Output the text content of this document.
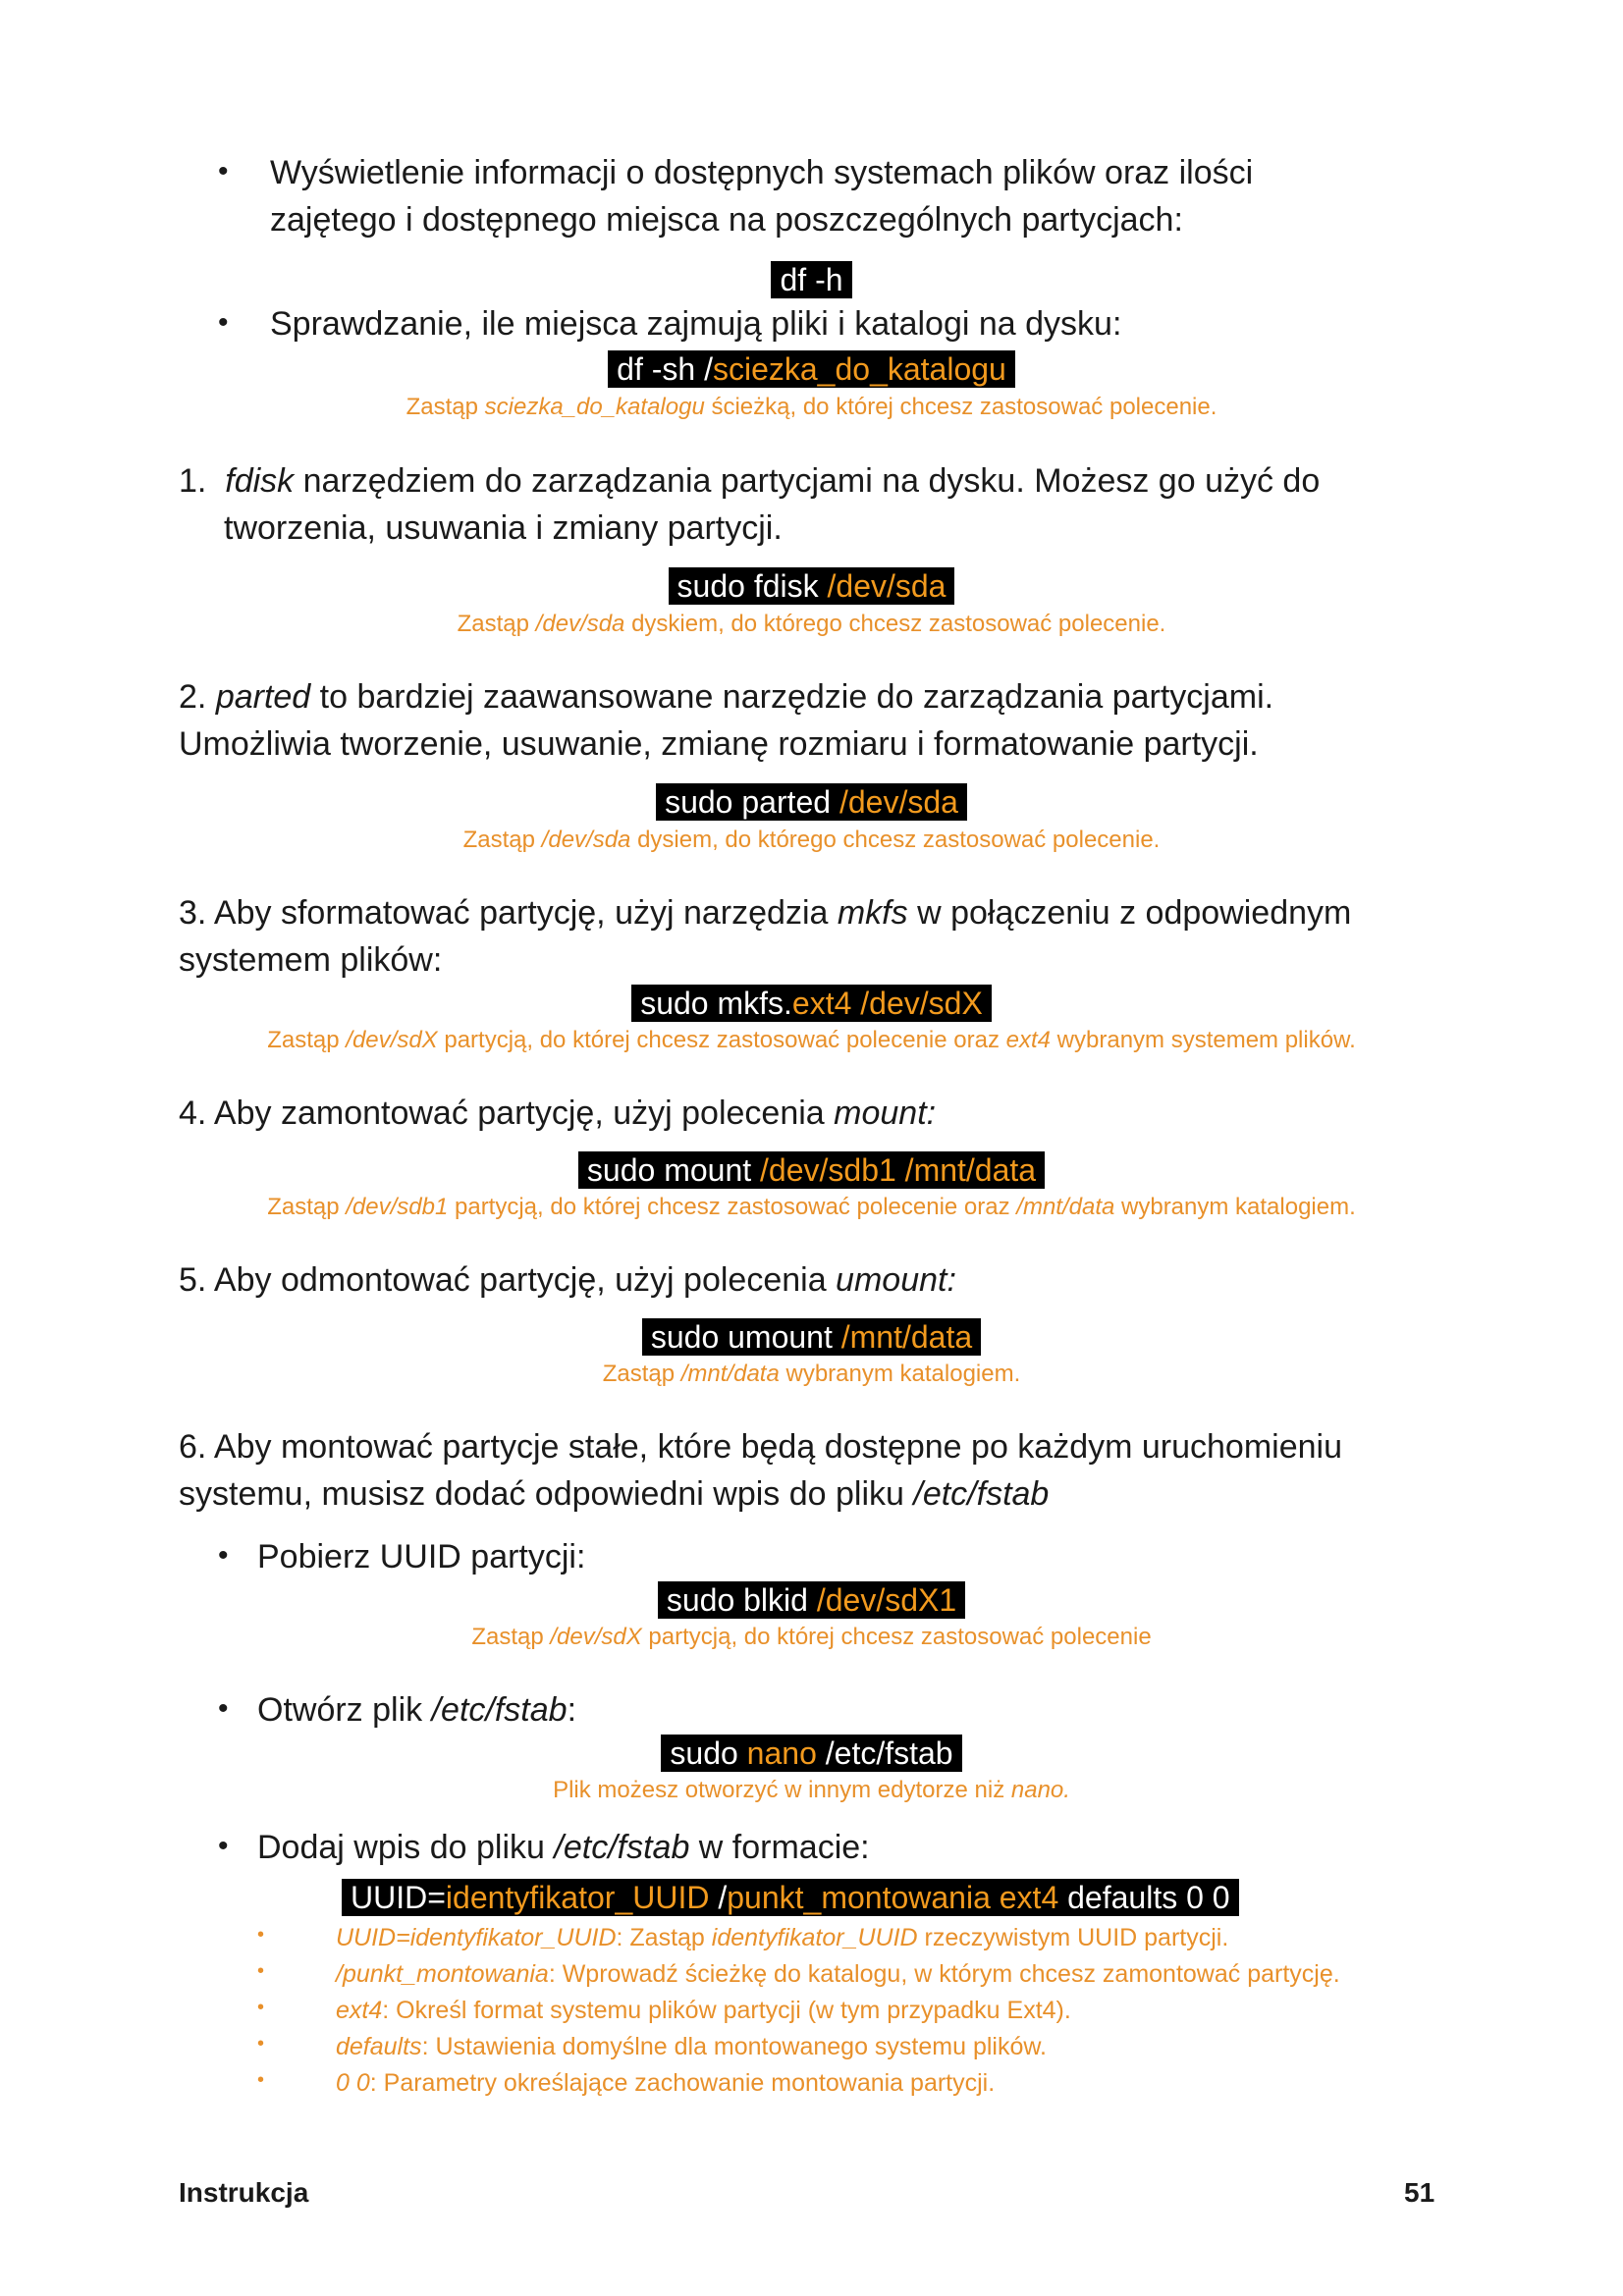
• Wyświetlenie informacji o dostępnych systemach plików oraz ilości
zajętego i dostępnego miejsca na poszczególnych partycjach:
df -h
• Sprawdzanie, ile miejsca zajmują pliki i katalogi na dysku:
df -sh /sciezka_do_katalogu
Zastąp sciezka_do_katalogu ścieżką, do której chcesz zastosować polecenie.
1. fdisk narzędziem do zarządzania partycjami na dysku. Możesz go użyć do
tworzenia, usuwania i zmiany partycji.
sudo fdisk /dev/sda
Zastąp /dev/sda dyskiem, do którego chcesz zastosować polecenie.
2. parted to bardziej zaawansowane narzędzie do zarządzania partycjami.
Umożliwia tworzenie, usuwanie, zmianę rozmiaru i formatowanie partycji.
sudo parted /dev/sda
Zastąp /dev/sda dysiem, do którego chcesz zastosować polecenie.
3. Aby sformatować partycję, użyj narzędzia mkfs w połączeniu z odpowiednym
systemem plików:
sudo mkfs.ext4 /dev/sdX
Zastąp /dev/sdX partycją, do której chcesz zastosować polecenie oraz ext4 wybranym systemem plików.
4. Aby zamontować partycję, użyj polecenia mount:
sudo mount /dev/sdb1 /mnt/data
Zastąp /dev/sdb1 partycją, do której chcesz zastosować polecenie oraz /mnt/data wybranym katalogiem.
5. Aby odmontować partycję, użyj polecenia umount:
sudo umount /mnt/data
Zastąp /mnt/data wybranym katalogiem.
6. Aby montować partycje stałe, które będą dostępne po każdym uruchomieniu
systemu, musisz dodać odpowiedni wpis do pliku /etc/fstab
• Pobierz UUID partycji:
sudo blkid /dev/sdX1
Zastąp /dev/sdX partycją, do której chcesz zastosować polecenie
• Otwórz plik /etc/fstab:
sudo nano /etc/fstab
Plik możesz otworzyć w innym edytorze niż nano.
• Dodaj wpis do pliku /etc/fstab w formacie:
UUID=identyfikator_UUID /punkt_montowania ext4 defaults 0 0
•	UUID=identyfikator_UUID: Zastąp identyfikator_UUID rzeczywistym UUID partycji.
•	/punkt_montowania: Wprowadź ścieżkę do katalogu, w którym chcesz zamontować partycję.
•	ext4: Określ format systemu plików partycji (w tym przypadku Ext4).
•	defaults: Ustawienia domyślne dla montowanego systemu plików.
•	0 0: Parametry określające zachowanie montowania partycji.
Instrukcja	51
